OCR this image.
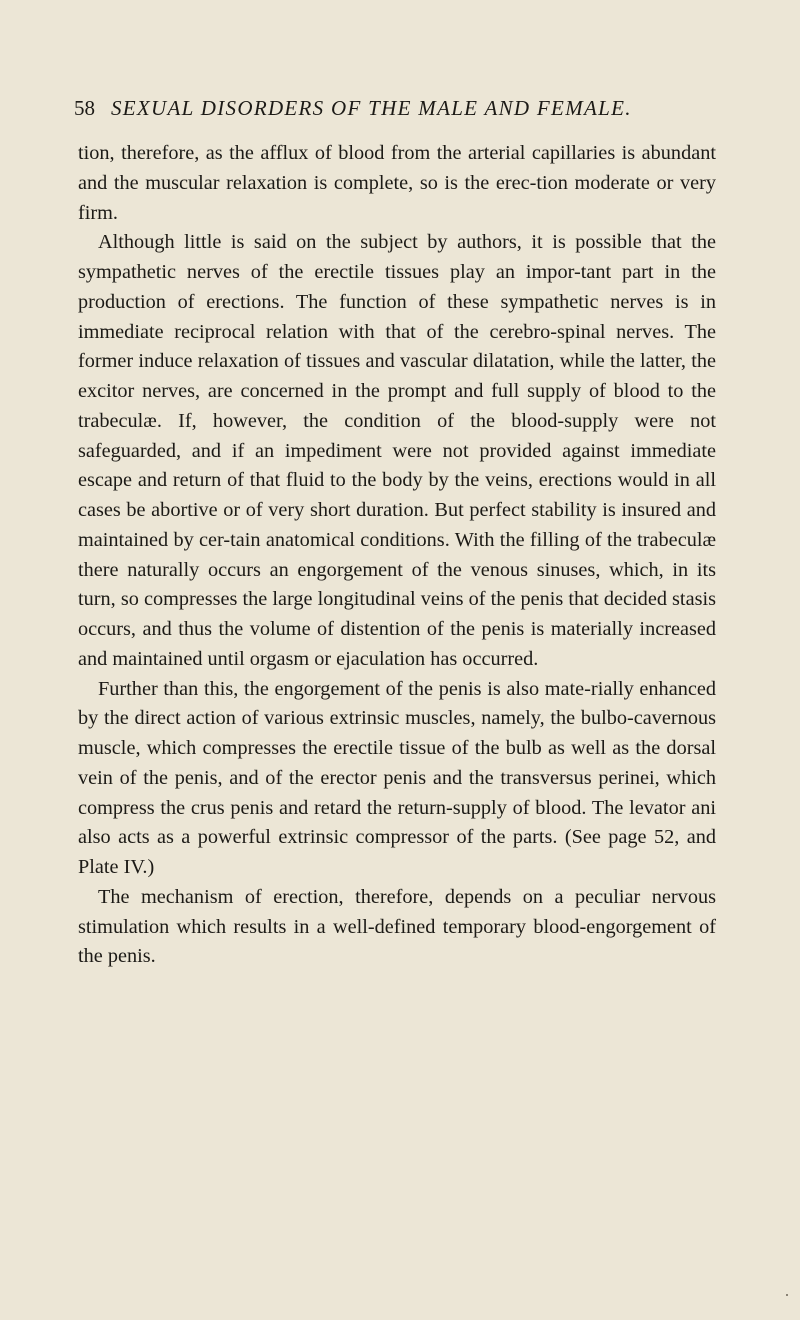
58 SEXUAL DISORDERS OF THE MALE AND FEMALE.

tion, therefore, as the afflux of blood from the arterial capillaries is abundant and the muscular relaxation is complete, so is the erec-tion moderate or very firm.

Although little is said on the subject by authors, it is possible that the sympathetic nerves of the erectile tissues play an impor-tant part in the production of erections. The function of these sympathetic nerves is in immediate reciprocal relation with that of the cerebro-spinal nerves. The former induce relaxation of tissues and vascular dilatation, while the latter, the excitor nerves, are concerned in the prompt and full supply of blood to the trabeculæ. If, however, the condition of the blood-supply were not safeguarded, and if an impediment were not provided against immediate escape and return of that fluid to the body by the veins, erections would in all cases be abortive or of very short duration. But perfect stability is insured and maintained by cer-tain anatomical conditions. With the filling of the trabeculæ there naturally occurs an engorgement of the venous sinuses, which, in its turn, so compresses the large longitudinal veins of the penis that decided stasis occurs, and thus the volume of distention of the penis is materially increased and maintained until orgasm or ejaculation has occurred.

Further than this, the engorgement of the penis is also mate-rially enhanced by the direct action of various extrinsic muscles, namely, the bulbo-cavernous muscle, which compresses the erectile tissue of the bulb as well as the dorsal vein of the penis, and of the erector penis and the transversus perinei, which compress the crus penis and retard the return-supply of blood. The levator ani also acts as a powerful extrinsic compressor of the parts. (See page 52, and Plate IV.)

The mechanism of erection, therefore, depends on a peculiar nervous stimulation which results in a well-defined temporary blood-engorgement of the penis.
